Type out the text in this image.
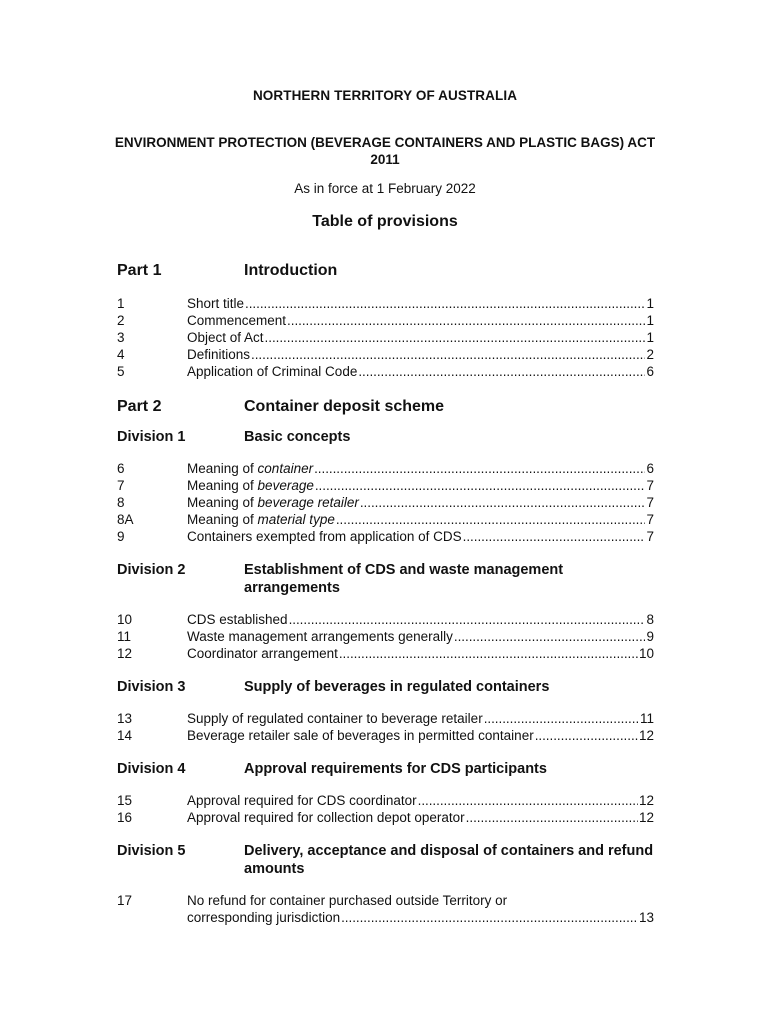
NORTHERN TERRITORY OF AUSTRALIA
ENVIRONMENT PROTECTION (BEVERAGE CONTAINERS AND PLASTIC BAGS) ACT 2011
As in force at 1 February 2022
Table of provisions
Part 1	Introduction
1	Short title . . .	1
2	Commencement . . .	1
3	Object of Act . . .	1
4	Definitions . . .	2
5	Application of Criminal Code . . .	6
Part 2	Container deposit scheme
Division 1	Basic concepts
6	Meaning of container . . .	6
7	Meaning of beverage . . .	7
8	Meaning of beverage retailer . . .	7
8A	Meaning of material type . . .	7
9	Containers exempted from application of CDS . . .	7
Division 2	Establishment of CDS and waste management arrangements
10	CDS established . . .	8
11	Waste management arrangements generally . . .	9
12	Coordinator arrangement . . .	10
Division 3	Supply of beverages in regulated containers
13	Supply of regulated container to beverage retailer . . .	11
14	Beverage retailer sale of beverages in permitted container . . .	12
Division 4	Approval requirements for CDS participants
15	Approval required for CDS coordinator . . .	12
16	Approval required for collection depot operator . . .	12
Division 5	Delivery, acceptance and disposal of containers and refund amounts
17	No refund for container purchased outside Territory or
corresponding jurisdiction . . .	13
